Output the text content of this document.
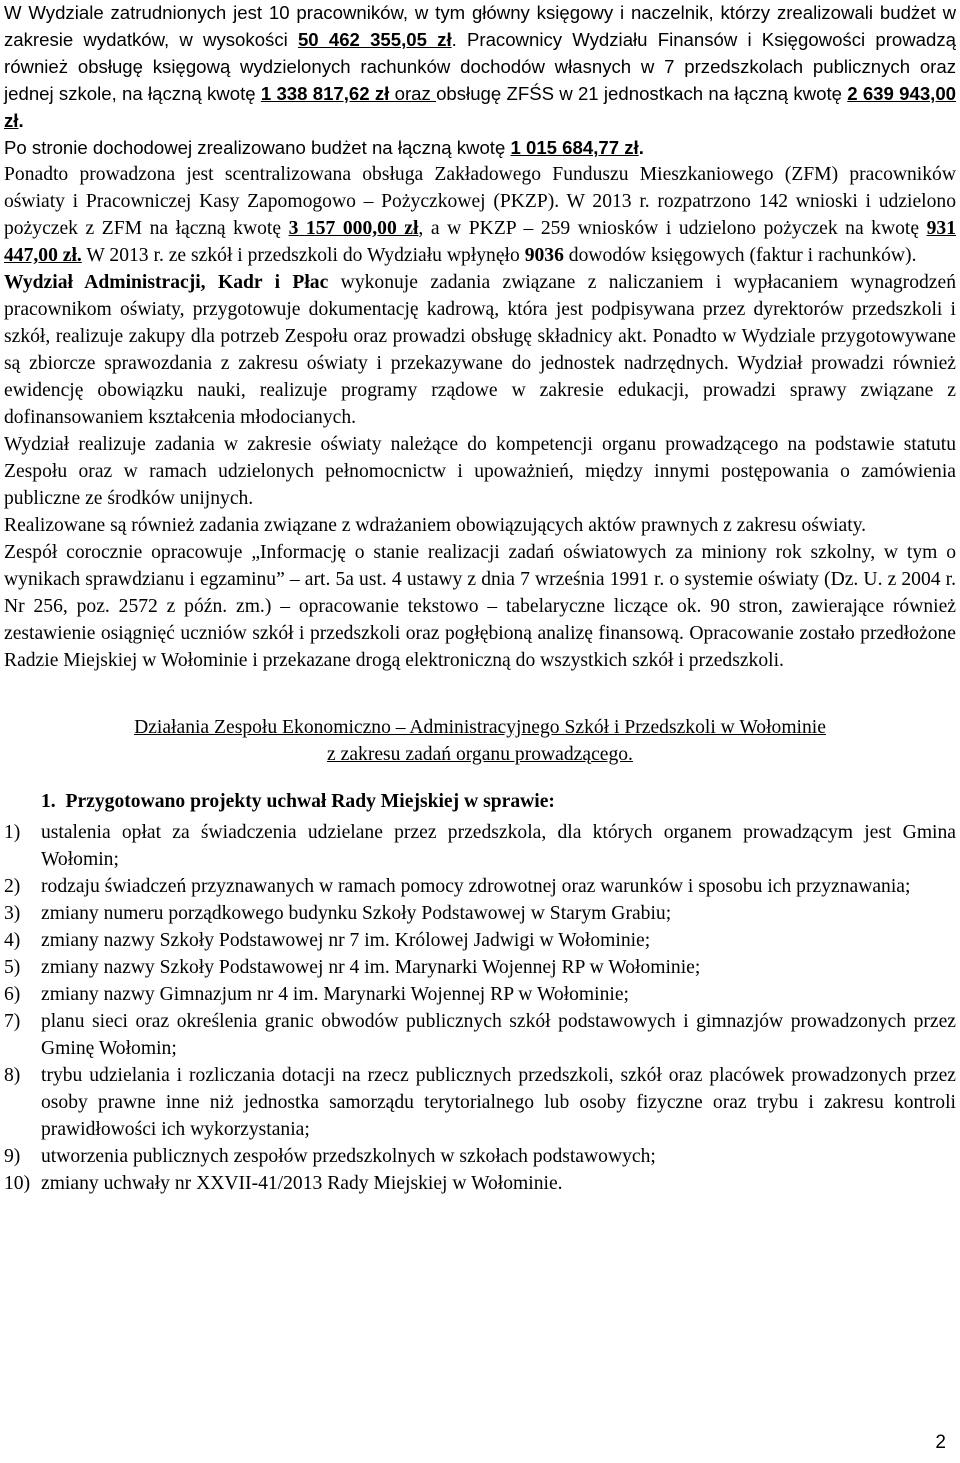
W Wydziale zatrudnionych jest 10 pracowników, w tym główny księgowy i naczelnik, którzy zrealizowali budżet w zakresie wydatków, w wysokości 50 462 355,05 zł. Pracownicy Wydziału Finansów i Księgowości prowadzą również obsługę księgową wydzielonych rachunków dochodów własnych w 7 przedszkolach publicznych oraz jednej szkole, na łączną kwotę 1 338 817,62 zł oraz obsługę ZFŚS w 21 jednostkach na łączną kwotę 2 639 943,00 zł.

Po stronie dochodowej zrealizowano budżet na łączną kwotę 1 015 684,77 zł.

Ponadto prowadzona jest scentralizowana obsługa Zakładowego Funduszu Mieszkaniowego (ZFM) pracowników oświaty i Pracowniczej Kasy Zapomogowo – Pożyczkowej (PKZP). W 2013 r. rozpatrzono 142 wnioski i udzielono pożyczek z ZFM na łączną kwotę 3 157 000,00 zł, a w PKZP – 259 wniosków i udzielono pożyczek na kwotę 931 447,00 zł. W 2013 r. ze szkół i przedszkoli do Wydziału wpłynęło 9036 dowodów księgowych (faktur i rachunków).

Wydział Administracji, Kadr i Płac wykonuje zadania związane z naliczaniem i wypłacaniem wynagrodzeń pracownikom oświaty, przygotowuje dokumentację kadrową, która jest podpisywana przez dyrektorów przedszkoli i szkół, realizuje zakupy dla potrzeb Zespołu oraz prowadzi obsługę składnicy akt. Ponadto w Wydziale przygotowywane są zbiorcze sprawozdania z zakresu oświaty i przekazywane do jednostek nadrzędnych. Wydział prowadzi również ewidencję obowiązku nauki, realizuje programy rządowe w zakresie edukacji, prowadzi sprawy związane z dofinansowaniem kształcenia młodocianych.

Wydział realizuje zadania w zakresie oświaty należące do kompetencji organu prowadzącego na podstawie statutu Zespołu oraz w ramach udzielonych pełnomocnictw i upoważnień, między innymi postępowania o zamówienia publiczne ze środków unijnych.

Realizowane są również zadania związane z wdrażaniem obowiązujących aktów prawnych z zakresu oświaty.

Zespół corocznie opracowuje „Informację o stanie realizacji zadań oświatowych za miniony rok szkolny, w tym o wynikach sprawdzianu i egzaminu” – art. 5a ust. 4 ustawy z dnia 7 września 1991 r. o systemie oświaty (Dz. U. z 2004 r. Nr 256, poz. 2572 z późn. zm.) – opracowanie tekstowo – tabelaryczne liczące ok. 90 stron, zawierające również zestawienie osiągnięć uczniów szkół i przedszkoli oraz pogłębioną analizę finansową. Opracowanie zostało przedłożone Radzie Miejskiej w Wołominie i przekazane drogą elektroniczną do wszystkich szkół i przedszkoli.

Działania Zespołu Ekonomiczno – Administracyjnego Szkół i Przedszkoli w Wołominie
z zakresu zadań organu prowadzącego.
1. Przygotowano projekty uchwał Rady Miejskiej w sprawie:
1) ustalenia opłat za świadczenia udzielane przez przedszkola, dla których organem prowadzącym jest Gmina Wołomin;
2) rodzaju świadczeń przyznawanych w ramach pomocy zdrowotnej oraz warunków i sposobu ich przyznawania;
3) zmiany numeru porządkowego budynku Szkoły Podstawowej w Starym Grabiu;
4) zmiany nazwy Szkoły Podstawowej nr 7 im. Królowej Jadwigi w Wołominie;
5) zmiany nazwy Szkoły Podstawowej nr 4 im. Marynarki Wojennej RP w Wołominie;
6) zmiany nazwy Gimnazjum nr 4 im. Marynarki Wojennej RP w Wołominie;
7) planu sieci oraz określenia granic obwodów publicznych szkół podstawowych i gimnazjów prowadzonych przez Gminę Wołomin;
8) trybu udzielania i rozliczania dotacji na rzecz publicznych przedszkoli, szkół oraz placówek prowadzonych przez osoby prawne inne niż jednostka samorządu terytorialnego lub osoby fizyczne oraz trybu i zakresu kontroli prawidłowości ich wykorzystania;
9) utworzenia publicznych zespołów przedszkolnych w szkołach podstawowych;
10) zmiany uchwały nr XXVII-41/2013 Rady Miejskiej w Wołominie.
2
